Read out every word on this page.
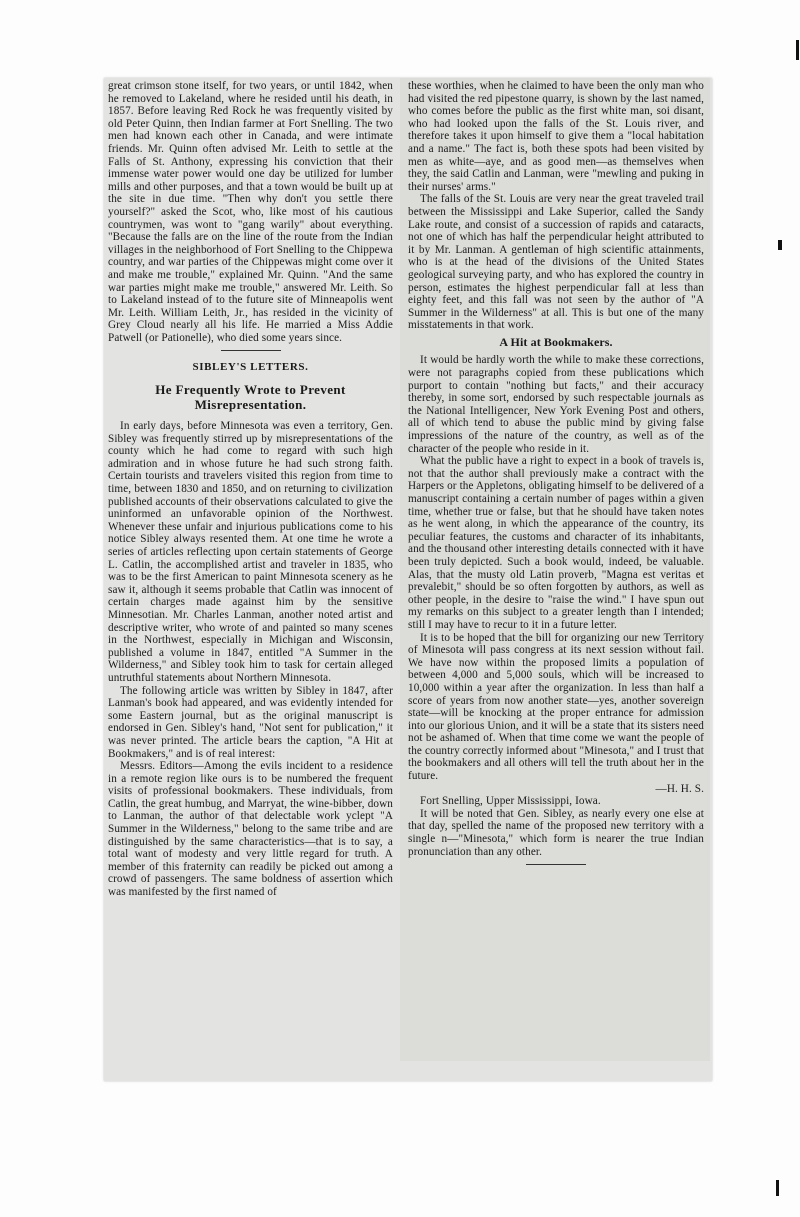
great crimson stone itself, for two years, or until 1842, when he removed to Lakeland, where he resided until his death, in 1857. Before leaving Red Rock he was frequently visited by old Peter Quinn, then Indian farmer at Fort Snelling. The two men had known each other in Canada, and were intimate friends. Mr. Quinn often advised Mr. Leith to settle at the Falls of St. Anthony, expressing his conviction that their immense water power would one day be utilized for lumber mills and other purposes, and that a town would be built up at the site in due time. "Then why don't you settle there yourself?" asked the Scot, who, like most of his cautious countrymen, was wont to "gang warily" about everything. "Because the falls are on the line of the route from the Indian villages in the neighborhood of Fort Snelling to the Chippewa country, and war parties of the Chippewas might come over it and make me trouble," explained Mr. Quinn. "And the same war parties might make me trouble," answered Mr. Leith. So to Lakeland instead of to the future site of Minneapolis went Mr. Leith. William Leith, Jr., has resided in the vicinity of Grey Cloud nearly all his life. He married a Miss Addie Patwell (or Pationelle), who died some years since.

SIBLEY'S LETTERS.
He Frequently Wrote to Prevent Misrepresentation.

In early days, before Minnesota was even a territory, Gen. Sibley was frequently stirred up by misrepresentations of the county which he had come to regard with such high admiration and in whose future he had such strong faith. Certain tourists and travelers visited this region from time to time, between 1830 and 1850, and on returning to civilization published accounts of their observations calculated to give the uninformed an unfavorable opinion of the Northwest. Whenever these unfair and injurious publications come to his notice Sibley always resented them. At one time he wrote a series of articles reflecting upon certain statements of George L. Catlin, the accomplished artist and traveler in 1835, who was to be the first American to paint Minnesota scenery as he saw it, although it seems probable that Catlin was innocent of certain charges made against him by the sensitive Minnesotian. Mr. Charles Lanman, another noted artist and descriptive writer, who wrote of and painted so many scenes in the Northwest, especially in Michigan and Wisconsin, published a volume in 1847, entitled "A Summer in the Wilderness," and Sibley took him to task for certain alleged untruthful statements about Northern Minnesota.

The following article was written by Sibley in 1847, after Lanman's book had appeared, and was evidently intended for some Eastern journal, but as the original manuscript is endorsed in Gen. Sibley's hand, "Not sent for publication," it was never printed. The article bears the caption, "A Hit at Bookmakers," and is of real interest:

Messrs. Editors—Among the evils incident to a residence in a remote region like ours is to be numbered the frequent visits of professional bookmakers. These individuals, from Catlin, the great humbug, and Marryat, the wine-bibber, down to Lanman, the author of that delectable work yclept "A Summer in the Wilderness," belong to the same tribe and are distinguished by the same characteristics—that is to say, a total want of modesty and very little regard for truth. A member of this fraternity can readily be picked out among a crowd of passengers. The same boldness of assertion which was manifested by the first named of

these worthies, when he claimed to have been the only man who had visited the red pipestone quarry, is shown by the last named, who comes before the public as the first white man, soi disant, who had looked upon the falls of the St. Louis river, and therefore takes it upon himself to give them a "local habitation and a name." The fact is, both these spots had been visited by men as white—aye, and as good men—as themselves when they, the said Catlin and Lanman, were "mewling and puking in their nurses' arms."

The falls of the St. Louis are very near the great traveled trail between the Mississippi and Lake Superior, called the Sandy Lake route, and consist of a succession of rapids and cataracts, not one of which has half the perpendicular height attributed to it by Mr. Lanman. A gentleman of high scientific attainments, who is at the head of the divisions of the United States geological surveying party, and who has explored the country in person, estimates the highest perpendicular fall at less than eighty feet, and this fall was not seen by the author of "A Summer in the Wilderness" at all. This is but one of the many misstatements in that work.

A Hit at Bookmakers.

It would be hardly worth the while to make these corrections, were not paragraphs copied from these publications which purport to contain "nothing but facts," and their accuracy thereby, in some sort, endorsed by such respectable journals as the National Intelligencer, New York Evening Post and others, all of which tend to abuse the public mind by giving false impressions of the nature of the country, as well as of the character of the people who reside in it.

What the public have a right to expect in a book of travels is, not that the author shall previously make a contract with the Harpers or the Appletons, obligating himself to be delivered of a manuscript containing a certain number of pages within a given time, whether true or false, but that he should have taken notes as he went along, in which the appearance of the country, its peculiar features, the customs and character of its inhabitants, and the thousand other interesting details connected with it have been truly depicted. Such a book would, indeed, be valuable. Alas, that the musty old Latin proverb, "Magna est veritas et prevalebit," should be so often forgotten by authors, as well as other people, in the desire to "raise the wind." I have spun out my remarks on this subject to a greater length than I intended; still I may have to recur to it in a future letter.

It is to be hoped that the bill for organizing our new Territory of Minesota will pass congress at its next session without fail. We have now within the proposed limits a population of between 4,000 and 5,000 souls, which will be increased to 10,000 within a year after the organization. In less than half a score of years from now another state—yes, another sovereign state—will be knocking at the proper entrance for admission into our glorious Union, and it will be a state that its sisters need not be ashamed of. When that time come we want the people of the country correctly informed about "Minesota," and I trust that the bookmakers and all others will tell the truth about her in the future.

—H. H. S.

Fort Snelling, Upper Mississippi, Iowa.

It will be noted that Gen. Sibley, as nearly every one else at that day, spelled the name of the proposed new territory with a single n—"Minesota," which form is nearer the true Indian pronunciation than any other.
